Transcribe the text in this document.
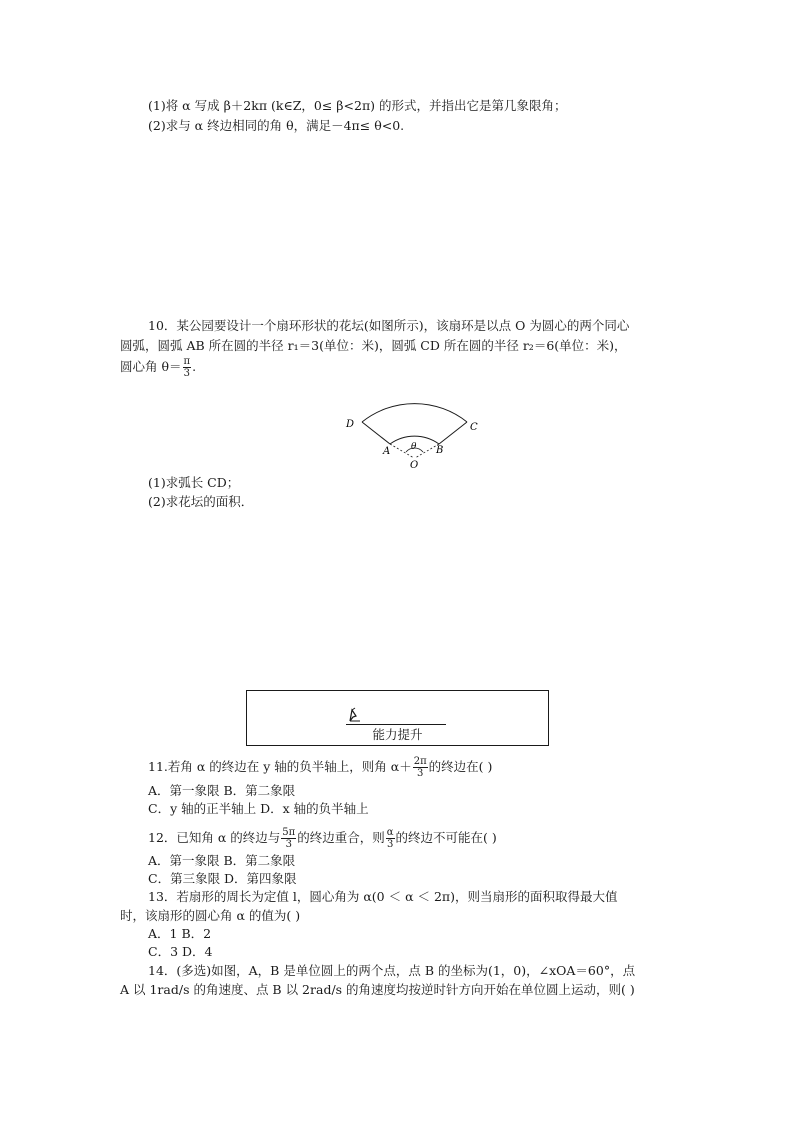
(1)将 α 写成 β＋2kπ (k∈Z，0≤ β<2π) 的形式，并指出它是第几象限角；
(2)求与 α 终边相同的角 θ，满足－4π≤ θ<0.
10．某公园要设计一个扇环形状的花坛(如图所示)，该扇环是以点 O 为圆心的两个同心
圆弧，圆弧 AB 所在圆的半径 r₁＝3(单位：米)，圆弧 CD 所在圆的半径 r₂＝6(单位：米)，
圆心角 $\theta= \frac{\pi}{3}$ .
D	C
A	B
θ
O
(1)求弧长 CD；
(2)求花坛的面积．
能力提升
11.若角 α 的终边在 y 轴的负半轴上，则角 $\alpha+ \frac{2\pi}{3}$ 的终边在( )
A．第一象限 B．第二象限
C．y 轴的正半轴上 D．x 轴的负半轴上
12．已知角 α 的终边与 $\frac{5\pi}{3}$ 的终边重合，则 $\frac{\alpha}{3}$ 的终边不可能在( )
A．第一象限 B．第二象限
C．第三象限 D．第四象限
13．若扇形的周长为定值 l，圆心角为 α(0 ＜ α ＜ 2π)，则当扇形的面积取得最大值
时，该扇形的圆心角 α 的值为( )
A．1 B．2
C．3 D．4
14．(多选)如图，A，B 是单位圆上的两个点，点 B 的坐标为(1，0)，∠xOA＝60°，点
A 以 1rad/s 的角速度、点 B 以 2rad/s 的角速度均按逆时针方向开始在单位圆上运动，则( )
